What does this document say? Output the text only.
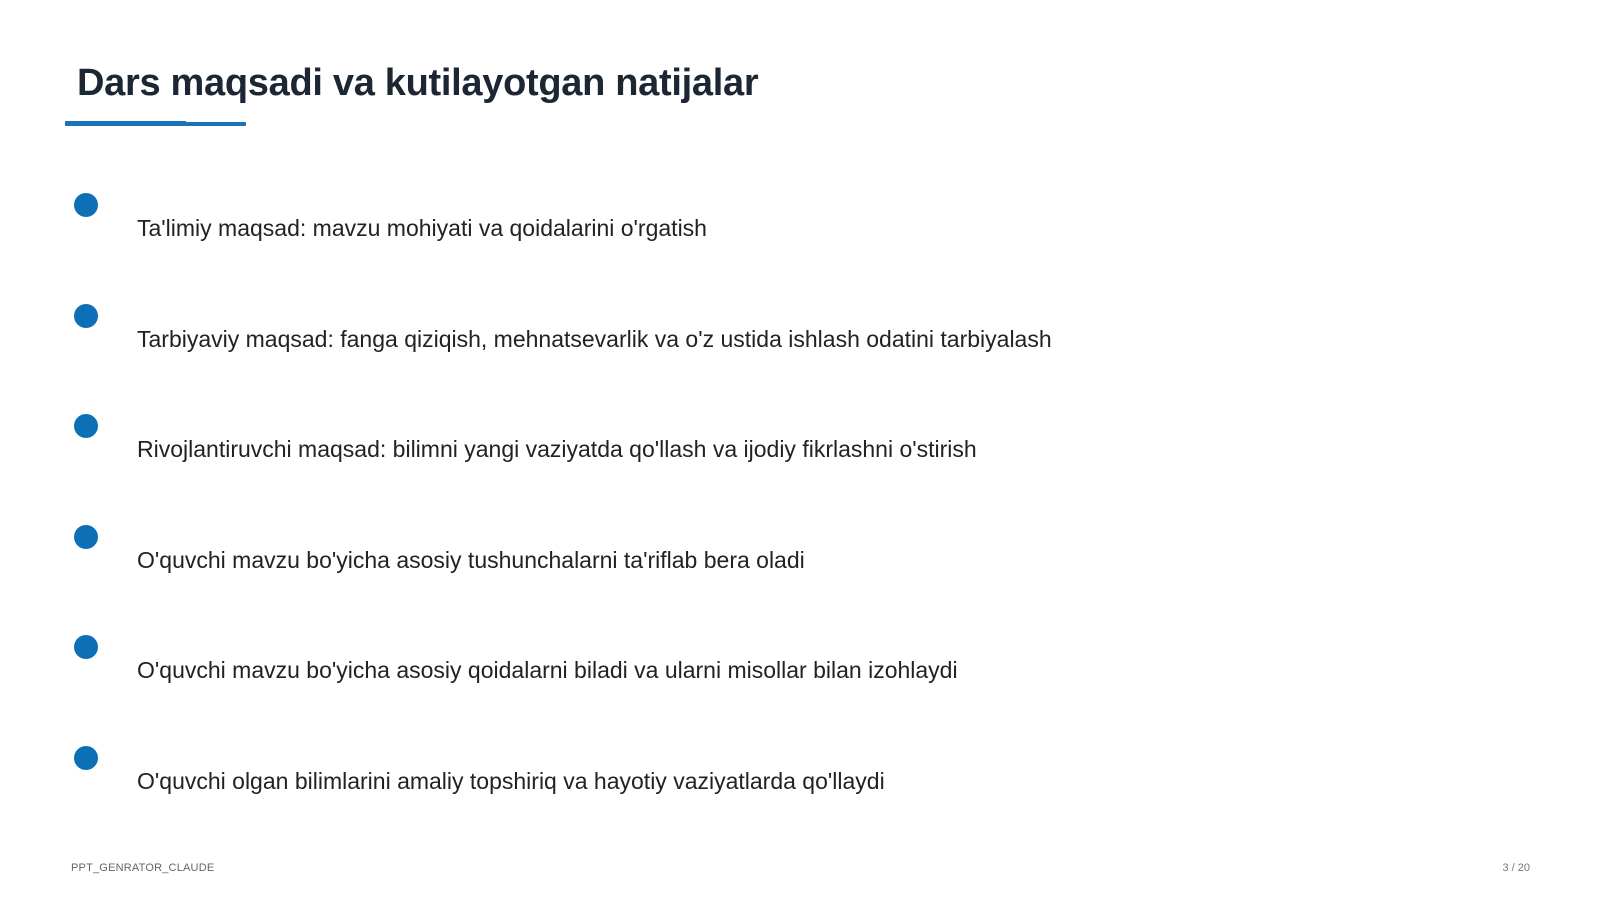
Dars maqsadi va kutilayotgan natijalar
Ta'limiy maqsad: mavzu mohiyati va qoidalarini o'rgatish
Tarbiyaviy maqsad: fanga qiziqish, mehnatsevarlik va o'z ustida ishlash odatini tarbiyalash
Rivojlantiruvchi maqsad: bilimni yangi vaziyatda qo'llash va ijodiy fikrlashni o'stirish
O'quvchi mavzu bo'yicha asosiy tushunchalarni ta'riflab bera oladi
O'quvchi mavzu bo'yicha asosiy qoidalarni biladi va ularni misollar bilan izohlaydi
O'quvchi olgan bilimlarini amaliy topshiriq va hayotiy vaziyatlarda qo'llaydi
PPT_GENRATOR_CLAUDE	3 / 20
